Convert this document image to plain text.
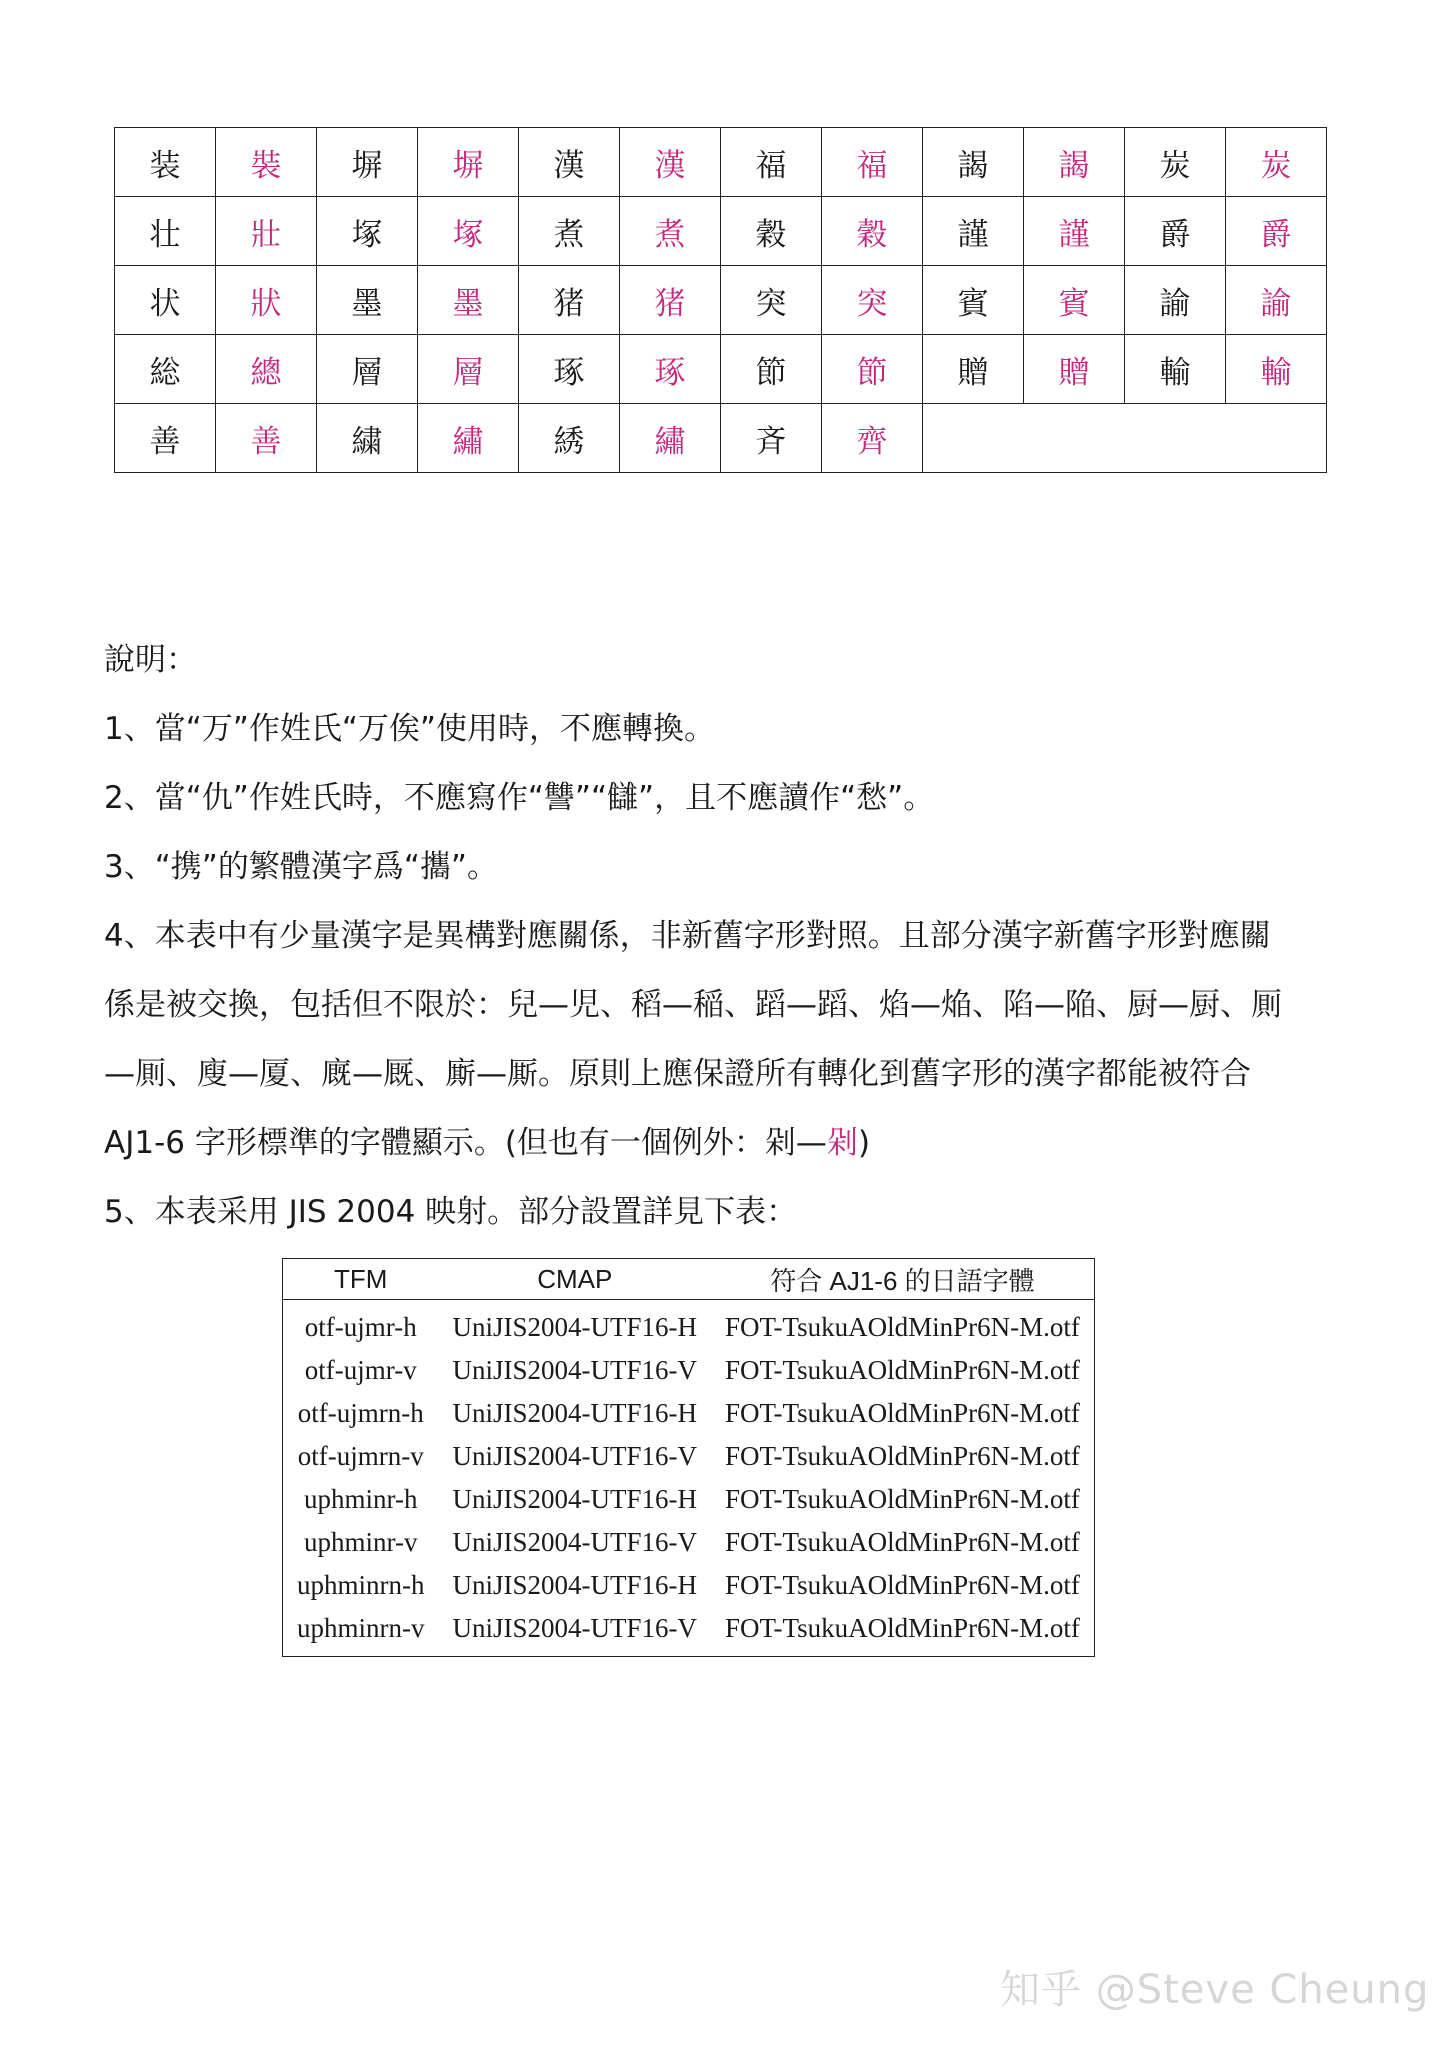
装	裝	塀	塀	漢	漢	福	福	謁	謁	炭	炭
壮	壯	塚	塚	煮	煮	穀	穀	謹	謹	爵	爵
状	狀	墨	墨	猪	猪	突	突	賓	賓	諭	諭
総	總	層	層	琢	琢	節	節	贈	贈	輸	輸
善	善	繍	繡	綉	繡	斉	齊				

說明：

1、當“万”作姓氏“万俟”使用時，不應轉換。

2、當“仇”作姓氏時，不應寫作“讐”“讎”，且不應讀作“愁”。

3、“携”的繁體漢字爲“攜”。

4、本表中有少量漢字是異構對應關係，非新舊字形對照。且部分漢字新舊字形對應關

係是被交換，包括但不限於：兒—児、稻—稲、蹈—蹈、焰—焔、陷—陥、厨—厨、厠

—厠、廋—厦、廐—厩、廝—厮。原則上應保證所有轉化到舊字形的漢字都能被符合

AJ1-6 字形標準的字體顯示。(但也有一個例外：剁—剁)

5、本表采用 JIS 2004 映射。部分設置詳見下表：

TFM	CMAP	符合 AJ1-6 的日語字體
otf-ujmr-h	UniJIS2004-UTF16-H	FOT-TsukuAOldMinPr6N-M.otf
otf-ujmr-v	UniJIS2004-UTF16-V	FOT-TsukuAOldMinPr6N-M.otf
otf-ujmrn-h	UniJIS2004-UTF16-H	FOT-TsukuAOldMinPr6N-M.otf
otf-ujmrn-v	UniJIS2004-UTF16-V	FOT-TsukuAOldMinPr6N-M.otf
uphminr-h	UniJIS2004-UTF16-H	FOT-TsukuAOldMinPr6N-M.otf
uphminr-v	UniJIS2004-UTF16-V	FOT-TsukuAOldMinPr6N-M.otf
uphminrn-h	UniJIS2004-UTF16-H	FOT-TsukuAOldMinPr6N-M.otf
uphminrn-v	UniJIS2004-UTF16-V	FOT-TsukuAOldMinPr6N-M.otf
知乎 @Steve Cheung
